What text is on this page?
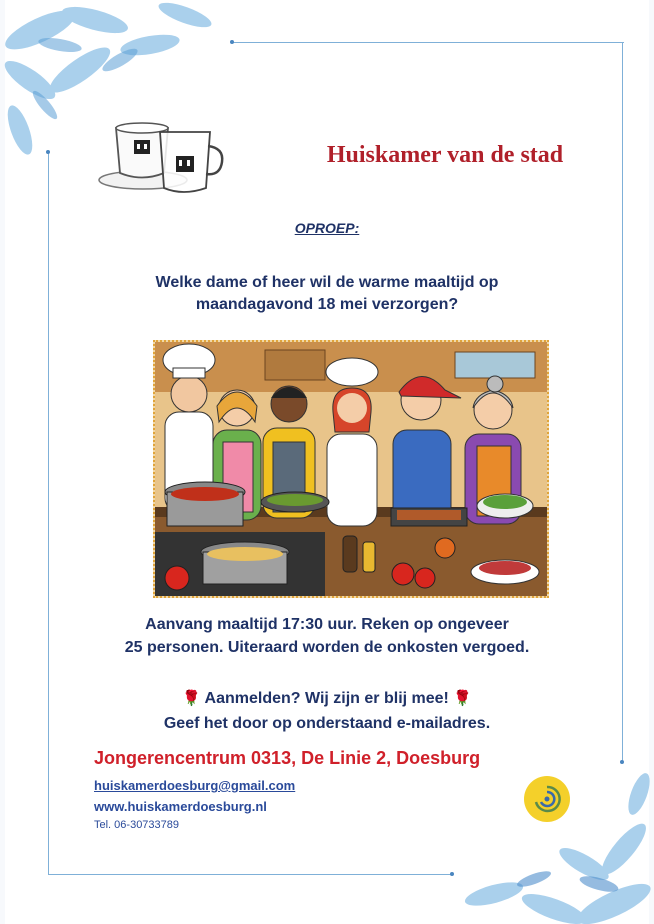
Huiskamer van de stad
OPROEP:
Welke dame of heer wil de warme maaltijd op
maandagavond 18 mei verzorgen?
Aanvang maaltijd 17:30 uur. Reken op ongeveer
25 personen. Uiteraard worden de onkosten vergoed.
🌹 Aanmelden? Wij zijn er blij mee! 🌹
Geef het door op onderstaand e-mailadres.
Jongerencentrum 0313, De Linie 2, Doesburg
huiskamerdoesburg@gmail.com
www.huiskamerdoesburg.nl
Tel. 06-30733789
